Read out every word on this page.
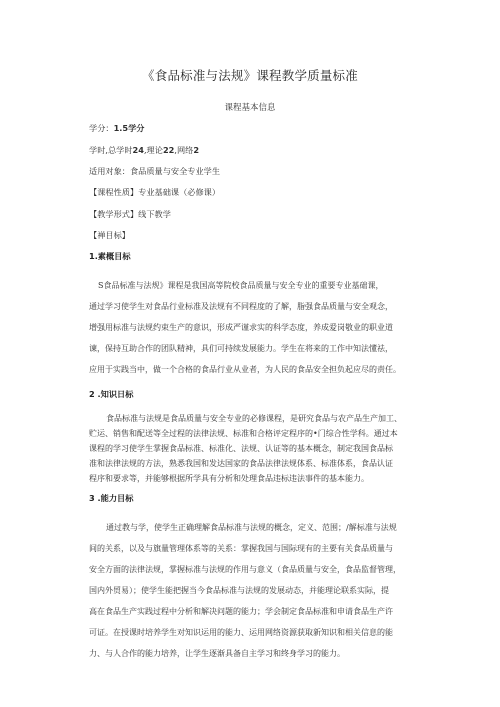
《食品标准与法规》课程教学质量标准
课程基本信息
学分：1.5学分
学时,总学时24,理论22,网络2
适用对象：食品质量与安全专业学生
【课程性质】专业基础课（必修课）
【教学形式】线下教学
【禅目标】
1.素概目标
S食品标准与法规》课程是我国高等院校食品质量与安全专业的重要专业基础课，
通过学习使学生对食品行业标准及法规有不同程度的了解，脂强食品质量与安全观念，
增强用标准与法规约束生产的意识，形成严谨求实的科学态度，养成爱岗敬业的职业道
谏，保持互助合作的团队精神，具们可持续发展能力。学生在将来的工作中知法懂祛，
应用于实践当中，做一个合格的食品行业从业者，为人民的食品安全担负起应尽的责任。
2 .知识日标
食品标准与法规是食品质量与安全专业的必修课程，是研究食品与农产品生产加工、
贮运、销售和配送等全过程的法律法规、标准和合格评定程序的•门综合性学科。通过本
课程的学习使学生掌握食品标准、标准化、法规、认证等的基本概念，制定我国食品标
准和法律法规的方法，熟悉我国和发达国家的食品法律法规体系、标准体系，食品认证
程序和要求等，并能够根据所学具有分析和处理食品违标违法事件的基本能力。
3 .能力目标
通过教与学，使学生正确理解食品标准与法规的概念，定义、范围；/解标准与法规
间的关系，以及与旗量管理体系等的关系：掌握我国与国际现有的主要有关食品质量与
安全方面的法律法规，掌握标准与法规的作用与意义（食品质量与安全，食品监督管理，
国内外贸易）；使学生能把握当今食品标准与法规的发展动态，并能理论联系实际，提
高在食品生产实践过程中分析和解决问题的能力；学会制定食品标准和申请食品生产许
可证。在授课时培养学生对知识运用的能力、运用网络资源获取新知识和相关信息的能
力、与人合作的能力培养，让学生逐渐具备自主学习和终身学习的能力。
